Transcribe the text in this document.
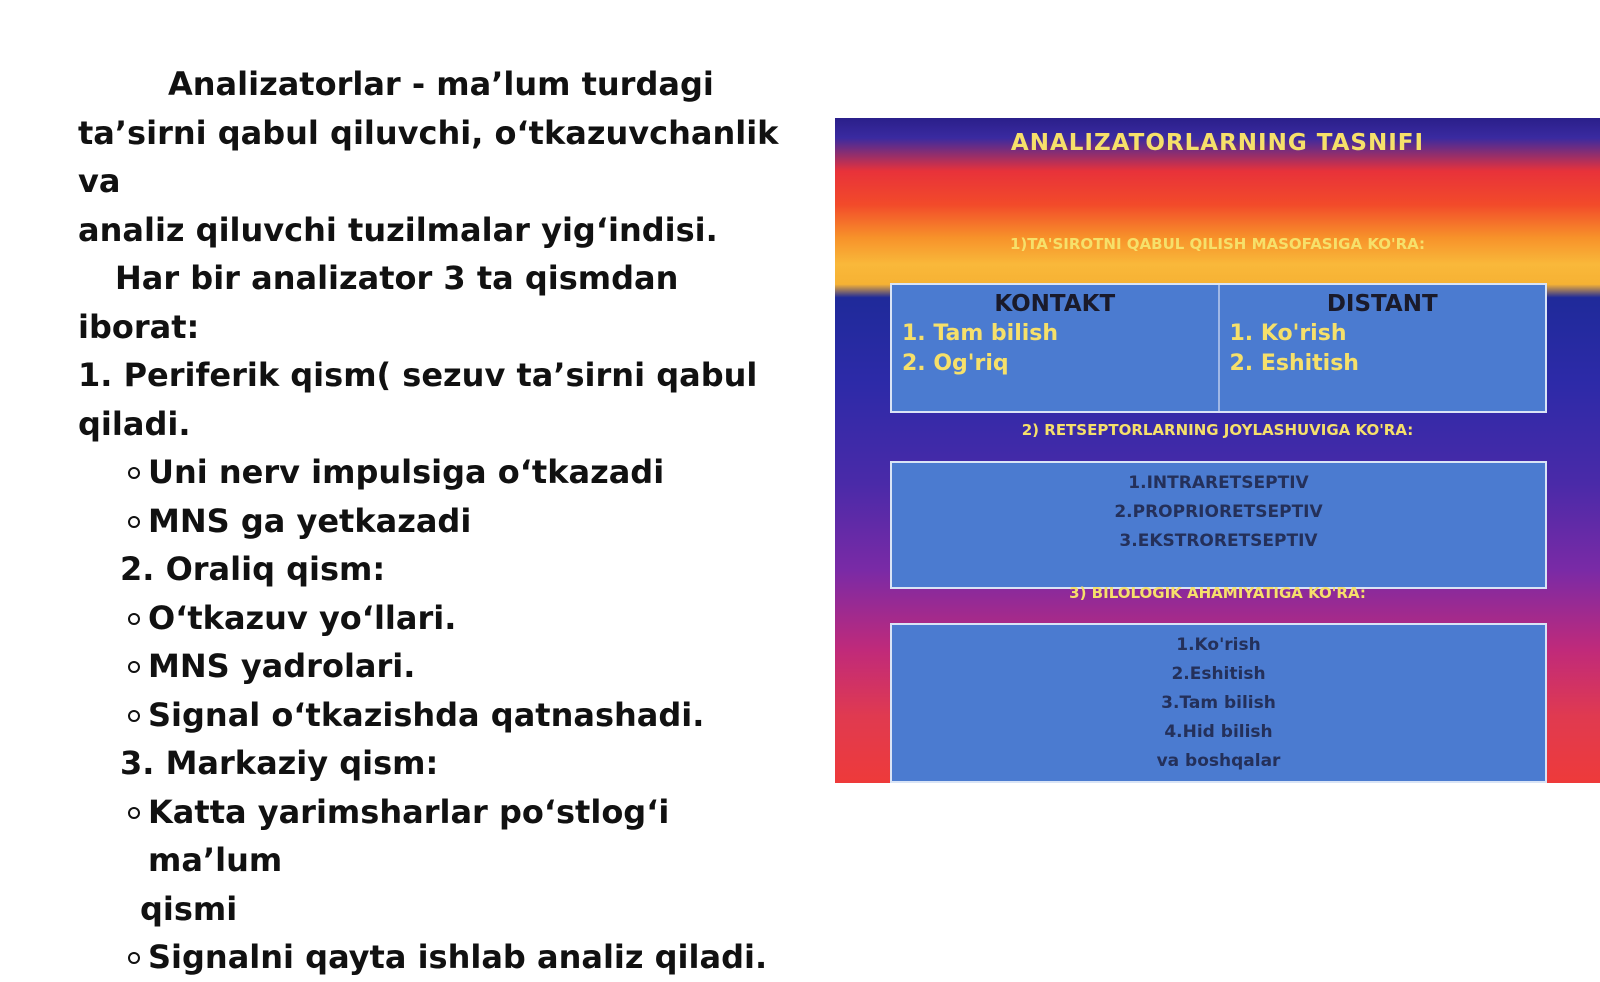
Analizatorlar - ma’lum turdagi

ta’sirni qabul qiluvchi, o‘tkazuvchanlik va

analiz qiluvchi tuzilmalar yig‘indisi.

Har bir analizator 3 ta qismdan iborat:

1. Periferik qism( sezuv ta’sirni qabul

qiladi.

Uni nerv impulsiga o‘tkazadi
MNS ga yetkazadi

2. Oraliq qism:

O‘tkazuv yo‘llari.
MNS yadrolari.
Signal o‘tkazishda qatnashadi.

3. Markaziy qism:

Katta yarimsharlar po‘stlog‘i ma’lum
qismi
Signalni qayta ishlab analiz qiladi.
ANALIZATORLARNING TASNIFI
1)TA'SIROTNI QABUL QILISH MASOFASIGA KO'RA:
KONTAKT
1. Tam bilish
2. Og'riq
DISTANT
1. Ko'rish
2. Eshitish
2) RETSEPTORLARNING JOYLASHUVIGA KO'RA:
1.INTRARETSEPTIV
2.PROPRIORETSEPTIV
3.EKSTRORETSEPTIV
3) BILOLOGIK AHAMIYATIGA KO'RA:
1.Ko'rish
2.Eshitish
3.Tam bilish
4.Hid bilish
va boshqalar
